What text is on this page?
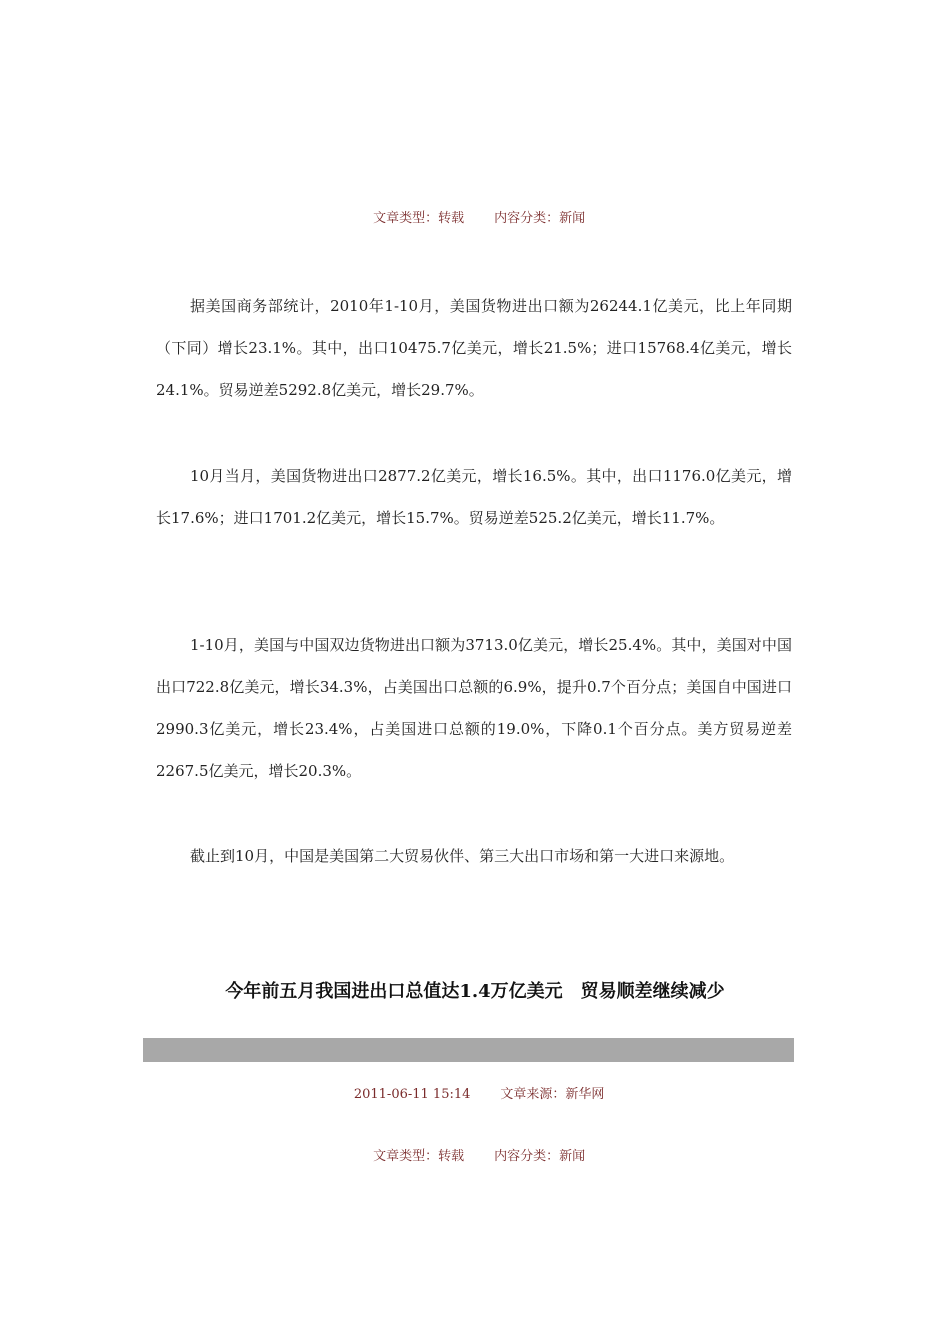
文章类型：转载 内容分类：新闻

据美国商务部统计，2010年1-10月，美国货物进出口额为26244.1亿美元，比上年同期（下同）增长23.1%。其中，出口10475.7亿美元，增长21.5%；进口15768.4亿美元，增长24.1%。贸易逆差5292.8亿美元，增长29.7%。

10月当月，美国货物进出口2877.2亿美元，增长16.5%。其中，出口1176.0亿美元，增长17.6%；进口1701.2亿美元，增长15.7%。贸易逆差525.2亿美元，增长11.7%。

1-10月，美国与中国双边货物进出口额为3713.0亿美元，增长25.4%。其中，美国对中国出口722.8亿美元，增长34.3%，占美国出口总额的6.9%，提升0.7个百分点；美国自中国进口2990.3亿美元，增长23.4%，占美国进口总额的19.0%，下降0.1个百分点。美方贸易逆差2267.5亿美元，增长20.3%。

截止到10月，中国是美国第二大贸易伙伴、第三大出口市场和第一大进口来源地。

今年前五月我国进出口总值达1.4万亿美元　贸易顺差继续减少

2011-06-11 15:14 文章来源：新华网

文章类型：转载 内容分类：新闻
